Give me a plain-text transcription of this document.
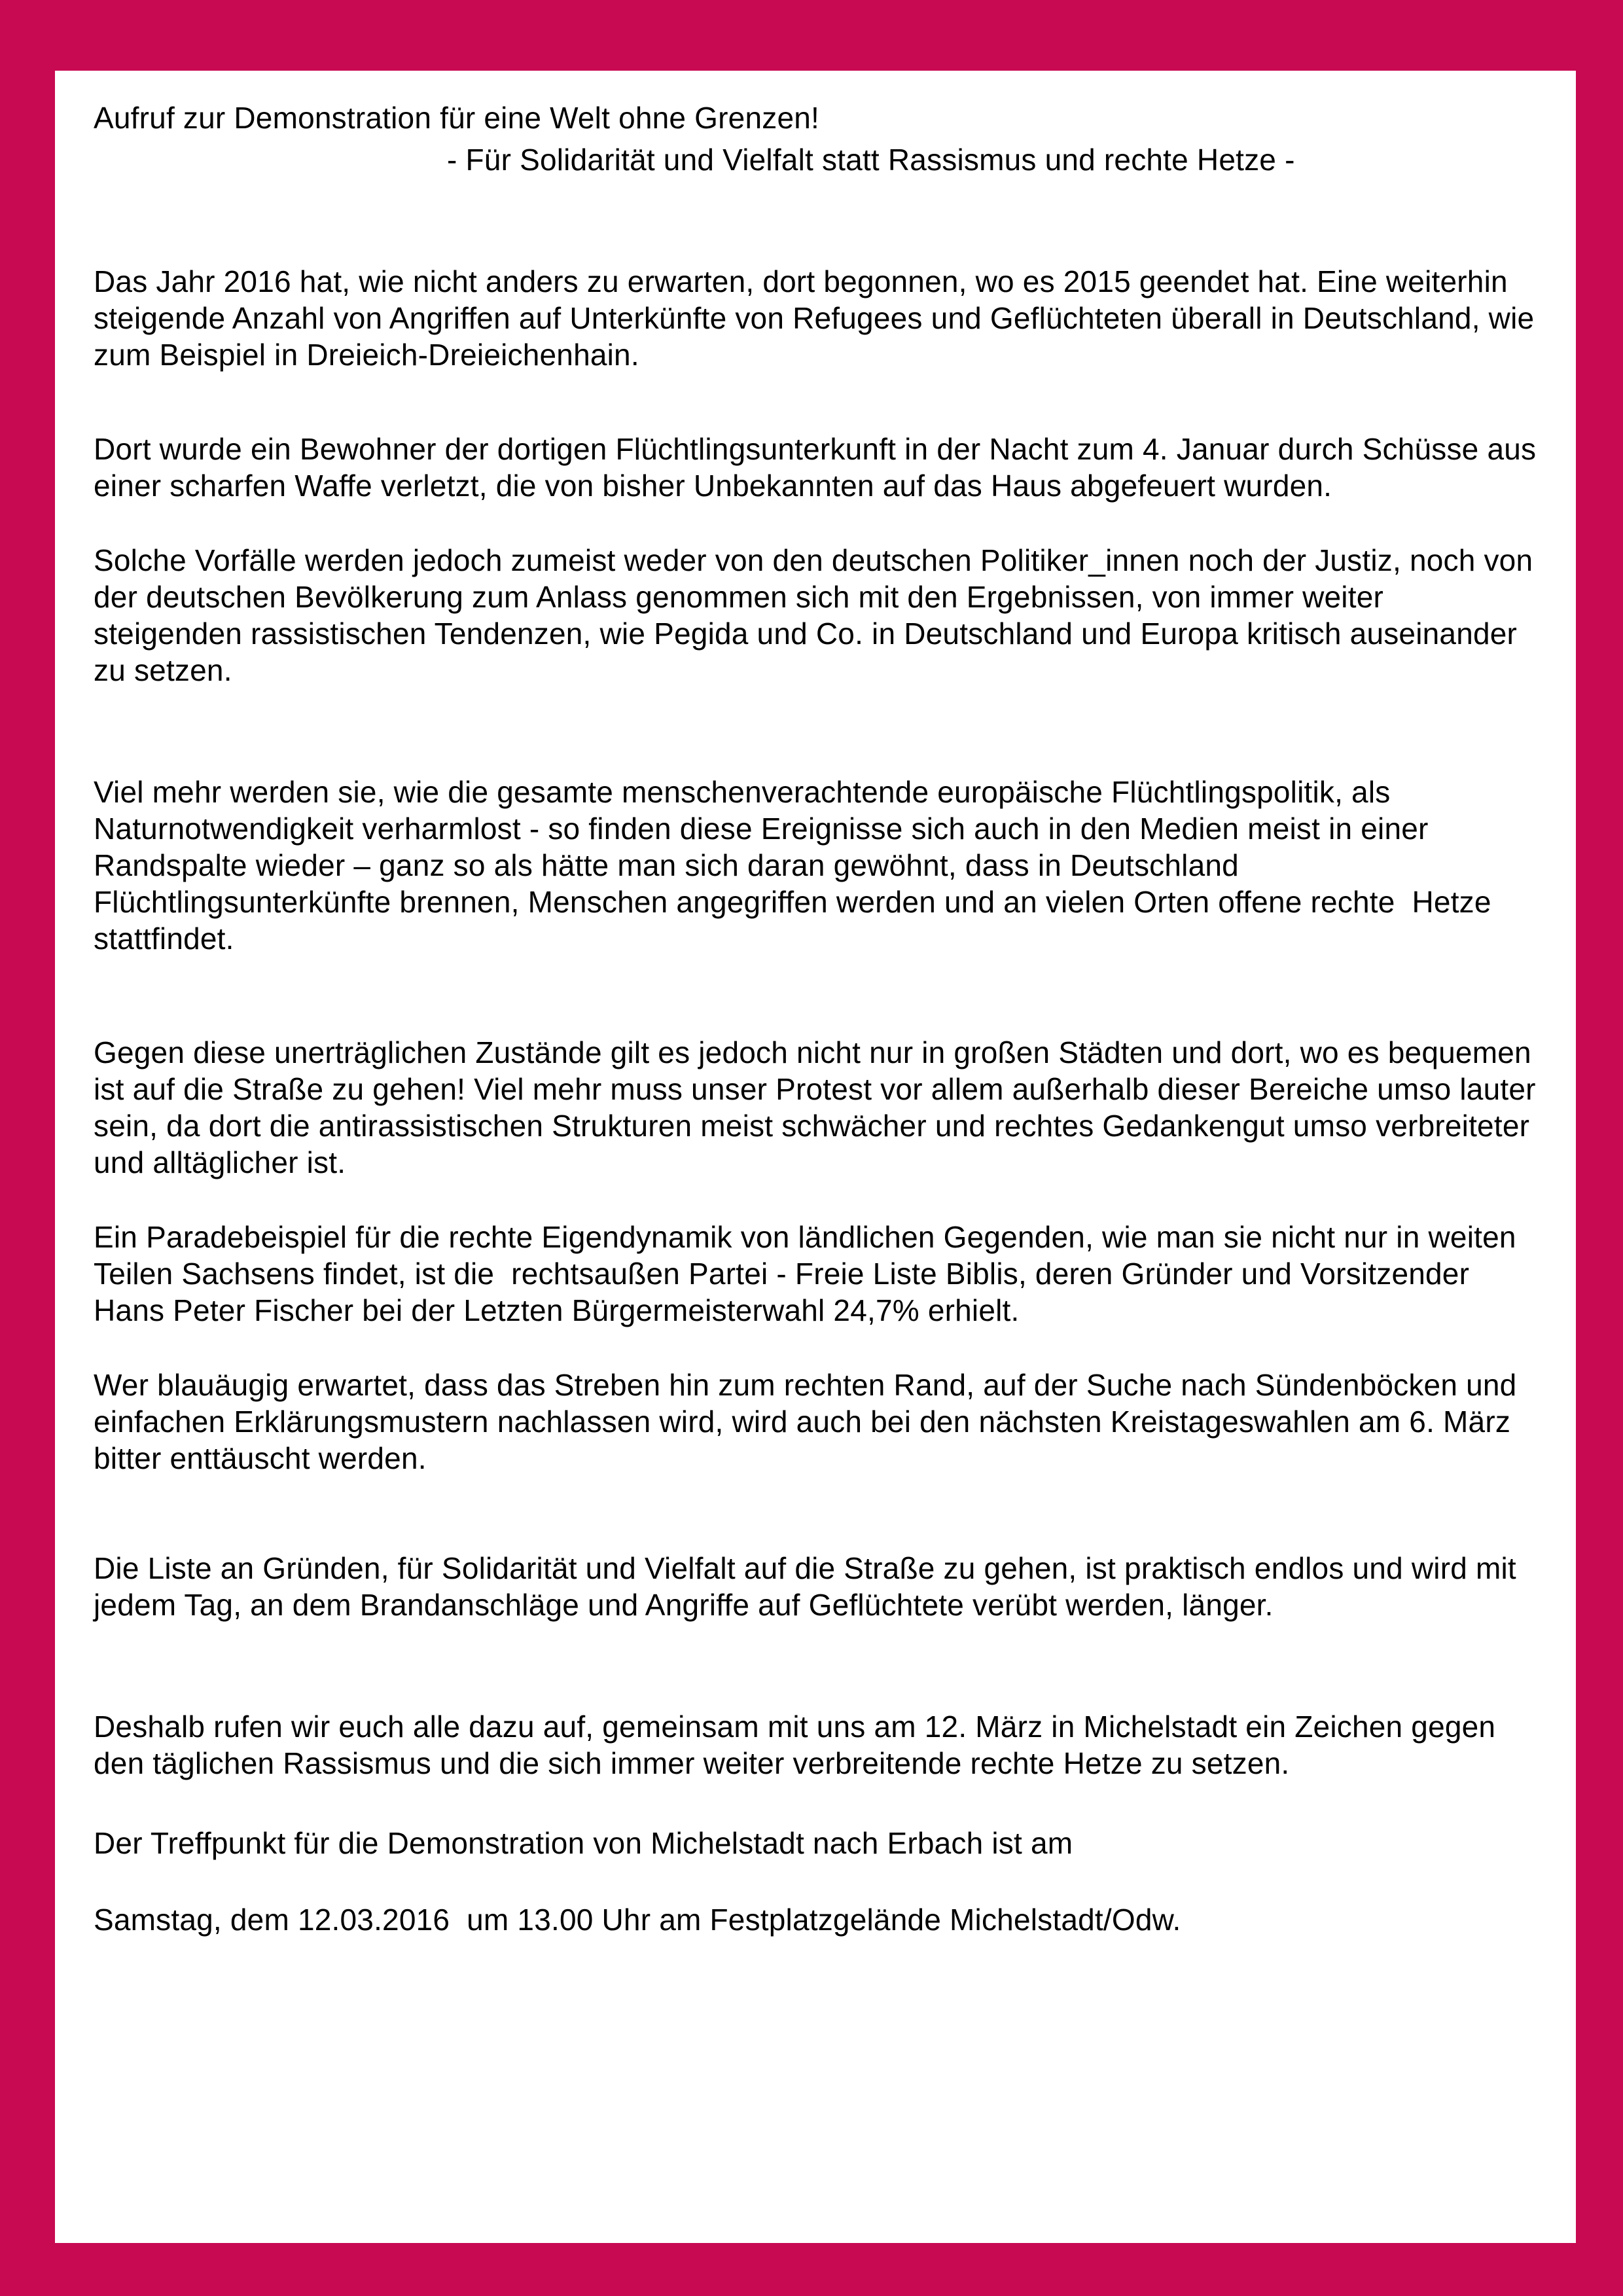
Aufruf zur Demonstration für eine Welt ohne Grenzen!

- Für Solidarität und Vielfalt statt Rassismus und rechte Hetze -

Das Jahr 2016 hat, wie nicht anders zu erwarten, dort begonnen, wo es 2015 geendet hat. Eine weiterhin steigende Anzahl von Angriffen auf Unterkünfte von Refugees und Geflüchteten überall in Deutschland, wie zum Beispiel in Dreieich-Dreieichenhain.

Dort wurde ein Bewohner der dortigen Flüchtlingsunterkunft in der Nacht zum 4. Januar durch Schüsse aus einer scharfen Waffe verletzt, die von bisher Unbekannten auf das Haus abgefeuert wurden.

Solche Vorfälle werden jedoch zumeist weder von den deutschen Politiker_innen noch der Justiz, noch von der deutschen Bevölkerung zum Anlass genommen sich mit den Ergebnissen, von immer weiter steigenden rassistischen Tendenzen, wie Pegida und Co. in Deutschland und Europa kritisch auseinander zu setzen.

Viel mehr werden sie, wie die gesamte menschenverachtende europäische Flüchtlingspolitik, als Naturnotwendigkeit verharmlost - so finden diese Ereignisse sich auch in den Medien meist in einer Randspalte wieder – ganz so als hätte man sich daran gewöhnt, dass in Deutschland Flüchtlingsunterkünfte brennen, Menschen angegriffen werden und an vielen Orten offene rechte  Hetze stattfindet.

Gegen diese unerträglichen Zustände gilt es jedoch nicht nur in großen Städten und dort, wo es bequemen ist auf die Straße zu gehen! Viel mehr muss unser Protest vor allem außerhalb dieser Bereiche umso lauter sein, da dort die antirassistischen Strukturen meist schwächer und rechtes Gedankengut umso verbreiteter und alltäglicher ist.

Ein Paradebeispiel für die rechte Eigendynamik von ländlichen Gegenden, wie man sie nicht nur in weiten Teilen Sachsens findet, ist die  rechtsaußen Partei - Freie Liste Biblis, deren Gründer und Vorsitzender Hans Peter Fischer bei der Letzten Bürgermeisterwahl 24,7% erhielt.

Wer blauäugig erwartet, dass das Streben hin zum rechten Rand, auf der Suche nach Sündenböcken und einfachen Erklärungsmustern nachlassen wird, wird auch bei den nächsten Kreistageswahlen am 6. März bitter enttäuscht werden.

Die Liste an Gründen, für Solidarität und Vielfalt auf die Straße zu gehen, ist praktisch endlos und wird mit jedem Tag, an dem Brandanschläge und Angriffe auf Geflüchtete verübt werden, länger.

Deshalb rufen wir euch alle dazu auf, gemeinsam mit uns am 12. März in Michelstadt ein Zeichen gegen den täglichen Rassismus und die sich immer weiter verbreitende rechte Hetze zu setzen.

Der Treffpunkt für die Demonstration von Michelstadt nach Erbach ist am

Samstag, dem 12.03.2016  um 13.00 Uhr am Festplatzgelände Michelstadt/Odw.
